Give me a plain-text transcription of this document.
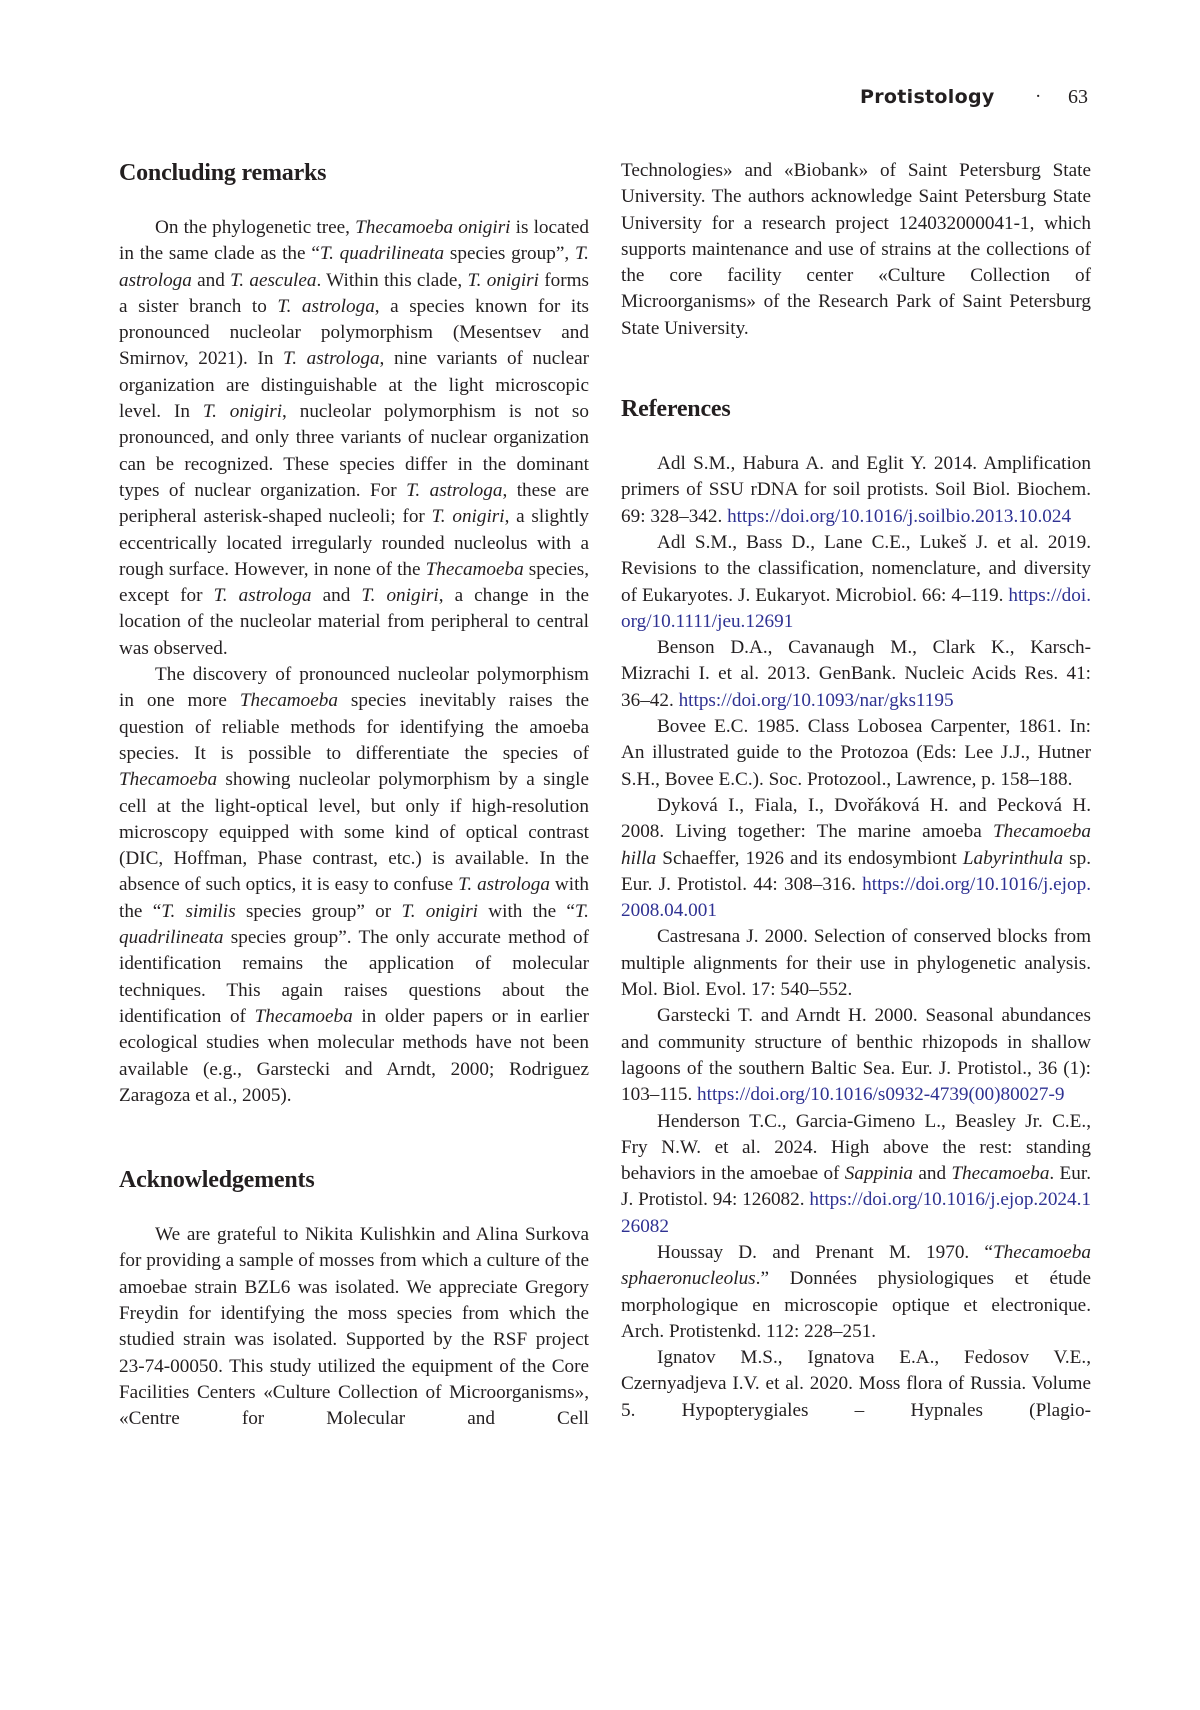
Protistology · 63
Concluding remarks

On the phylogenetic tree, Thecamoeba onigiri is located in the same clade as the “T. quadrilineata species group”, T. astrologa and T. aesculea. Within this clade, T. onigiri forms a sister branch to T. astrologa, a species known for its pronounced nucleolar polymorphism (Mesentsev and Smirnov, 2021). In T. astrologa, nine variants of nuclear organization are distinguishable at the light microscopic level. In T. onigiri, nucleolar polymorphism is not so pronounced, and only three variants of nuclear organization can be recognized. These species differ in the dominant types of nuclear organization. For T. astrologa, these are peripheral asterisk-shaped nucleoli; for T. onigiri, a slightly eccentrically located irregularly rounded nucleolus with a rough surface. However, in none of the Thecamoeba species, except for T. astrologa and T. onigiri, a change in the location of the nucleolar material from peripheral to central was observed.

The discovery of pronounced nucleolar polymorphism in one more Thecamoeba species inevitably raises the question of reliable methods for identifying the amoeba species. It is possible to differentiate the species of Thecamoeba showing nucleolar polymorphism by a single cell at the light-optical level, but only if high-resolution microscopy equipped with some kind of optical contrast (DIC, Hoffman, Phase contrast, etc.) is available. In the absence of such optics, it is easy to confuse T. astrologa with the “T. similis species group” or T. onigiri with the “T. quadrilineata species group”. The only accurate method of identification remains the application of molecular techniques. This again raises questions about the identification of Thecamoeba in older papers or in earlier ecological studies when molecular methods have not been available (e.g., Garstecki and Arndt, 2000; Rodriguez Zaragoza et al., 2005).

Acknowledgements

We are grateful to Nikita Kulishkin and Alina Surkova for providing a sample of mosses from which a culture of the amoebae strain BZL6 was isolated. We appreciate Gregory Freydin for identifying the moss species from which the studied strain was isolated. Supported by the RSF project 23-74-00050. This study utilized the equipment of the Core Facilities Centers «Culture Collection of Microorganisms», «Centre for Molecular and Cell

Technologies» and «Biobank» of Saint Petersburg State University. The authors acknowledge Saint Petersburg State University for a research project 124032000041-1, which supports maintenance and use of strains at the collections of the core facility center «Culture Collection of Microorganisms» of the Research Park of Saint Petersburg State University.

References

Adl S.M., Habura A. and Eglit Y. 2014. Amplification primers of SSU rDNA for soil protists. Soil Biol. Biochem. 69: 328–342. https://doi.org/10.1016/j.soilbio.2013.10.024

Adl S.M., Bass D., Lane C.E., Lukeš J. et al. 2019. Revisions to the classification, nomenclature, and diversity of Eukaryotes. J. Eukaryot. Microbiol. 66: 4–119. https://doi.org/10.1111/jeu.12691

Benson D.A., Cavanaugh M., Clark K., Karsch-Mizrachi I. et al. 2013. GenBank. Nucleic Acids Res. 41: 36–42. https://doi.org/10.1093/nar/gks1195

Bovee E.C. 1985. Class Lobosea Carpenter, 1861. In: An illustrated guide to the Protozoa (Eds: Lee J.J., Hutner S.H., Bovee E.C.). Soc. Protozool., Lawrence, p. 158–188.

Dyková I., Fiala, I., Dvořáková H. and Pecková H. 2008. Living together: The marine amoeba Thecamoeba hilla Schaeffer, 1926 and its endosymbiont Labyrinthula sp. Eur. J. Protistol. 44: 308–316. https://doi.org/10.1016/j.ejop.2008.04.001

Castresana J. 2000. Selection of conserved blocks from multiple alignments for their use in phylogenetic analysis. Mol. Biol. Evol. 17: 540–552.

Garstecki T. and Arndt H. 2000. Seasonal abundances and community structure of benthic rhizopods in shallow lagoons of the southern Baltic Sea. Eur. J. Protistol., 36 (1): 103–115. https://doi.org/10.1016/s0932-4739(00)80027-9

Henderson T.C., Garcia-Gimeno L., Beasley Jr. C.E., Fry N.W. et al. 2024. High above the rest: standing behaviors in the amoebae of Sappinia and Thecamoeba. Eur. J. Protistol. 94: 126082. https://doi.org/10.1016/j.ejop.2024.126082

Houssay D. and Prenant M. 1970. “Thecamoeba sphaeronucleolus.” Données physiologiques et étude morphologique en microscopie optique et electronique. Arch. Protistenkd. 112: 228–251.

Ignatov M.S., Ignatova E.A., Fedosov V.E., Czernyadjeva I.V. et al. 2020. Moss flora of Russia. Volume 5. Hypopterygiales – Hypnales (Plagio-
